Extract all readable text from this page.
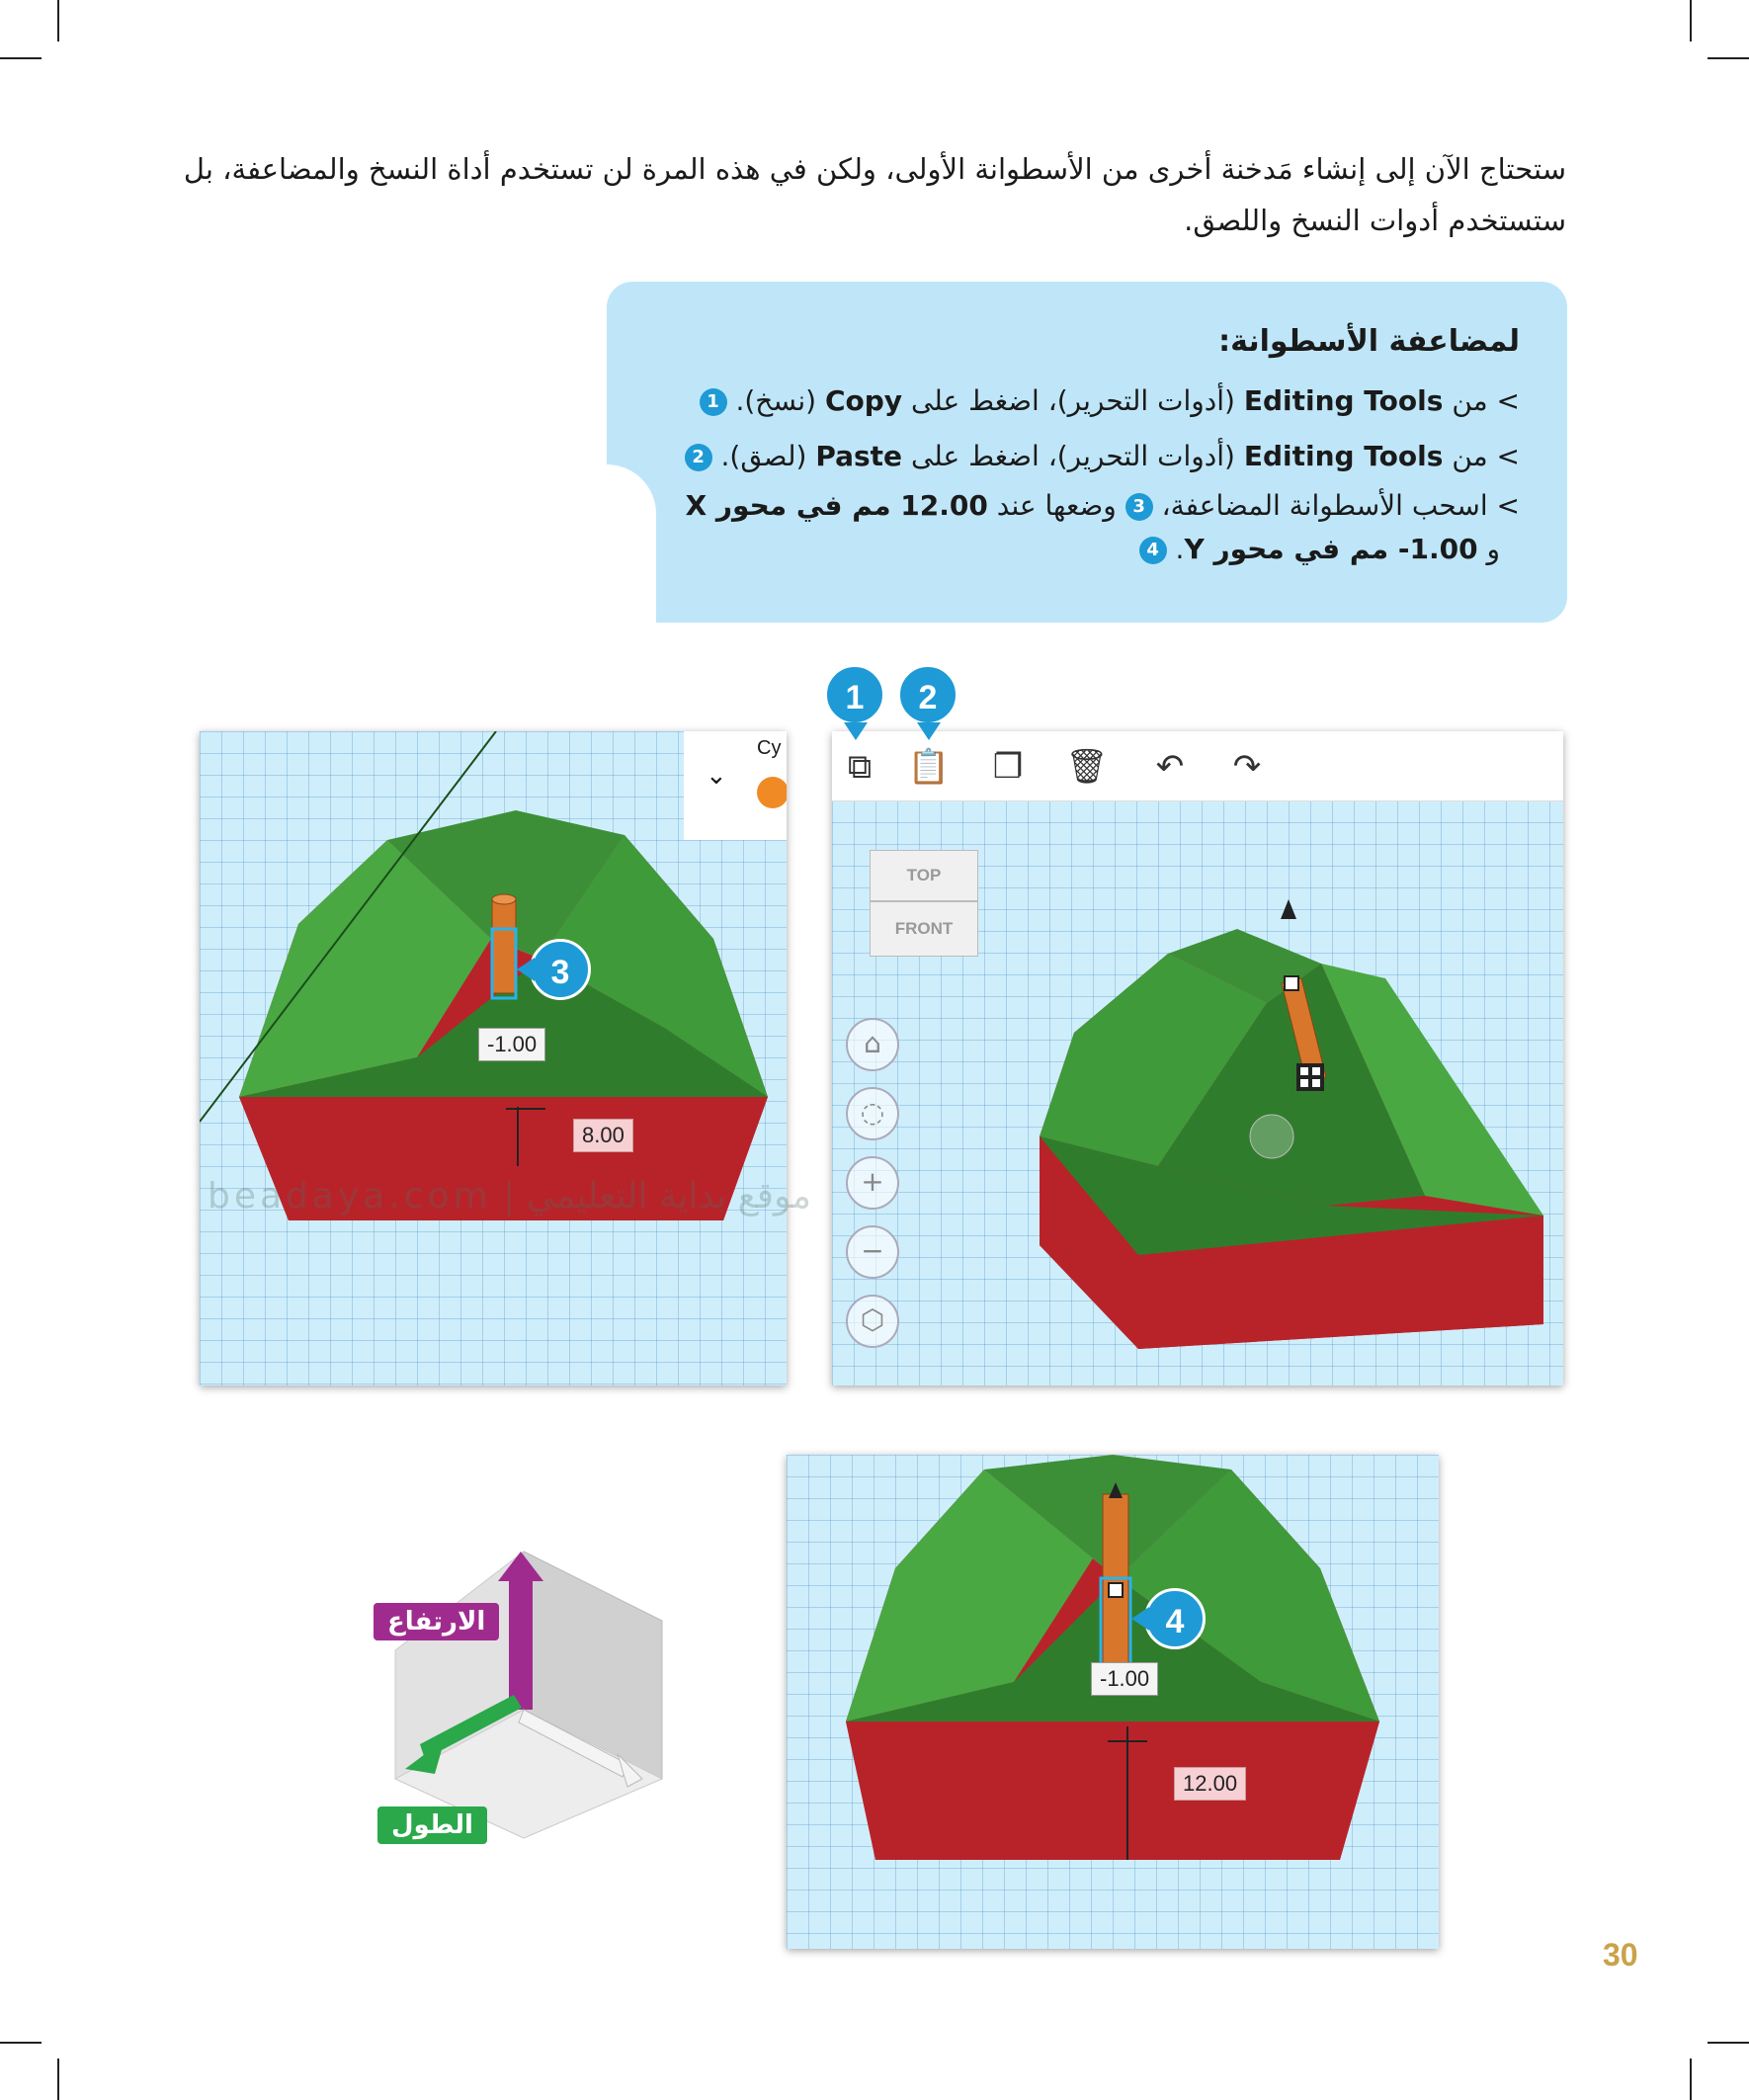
ستحتاج الآن إلى إنشاء مَدخنة أخرى من الأسطوانة الأولى، ولكن في هذه المرة لن تستخدم أداة النسخ والمضاعفة، بل ستستخدم أدوات النسخ واللصق.
لمضاعفة الأسطوانة:
> من Editing Tools (أدوات التحرير)، اضغط على Copy (نسخ). 1
> من Editing Tools (أدوات التحرير)، اضغط على Paste (لصق). 2
> اسحب الأسطوانة المضاعفة، 3 وضعها عند 12.00 مم في محور X
و 1.00- مم في محور Y. 4
Cy
⌄
-1.00
8.00
3
⧉ 📋 ❐ 🗑 ↶ ↷
TOP
FRONT
⌂
◌
+
−
⬡
1	2
-1.00
12.00
4
موقع بداية التعليمي | beadaya.com
الارتفاع
الطول
30
